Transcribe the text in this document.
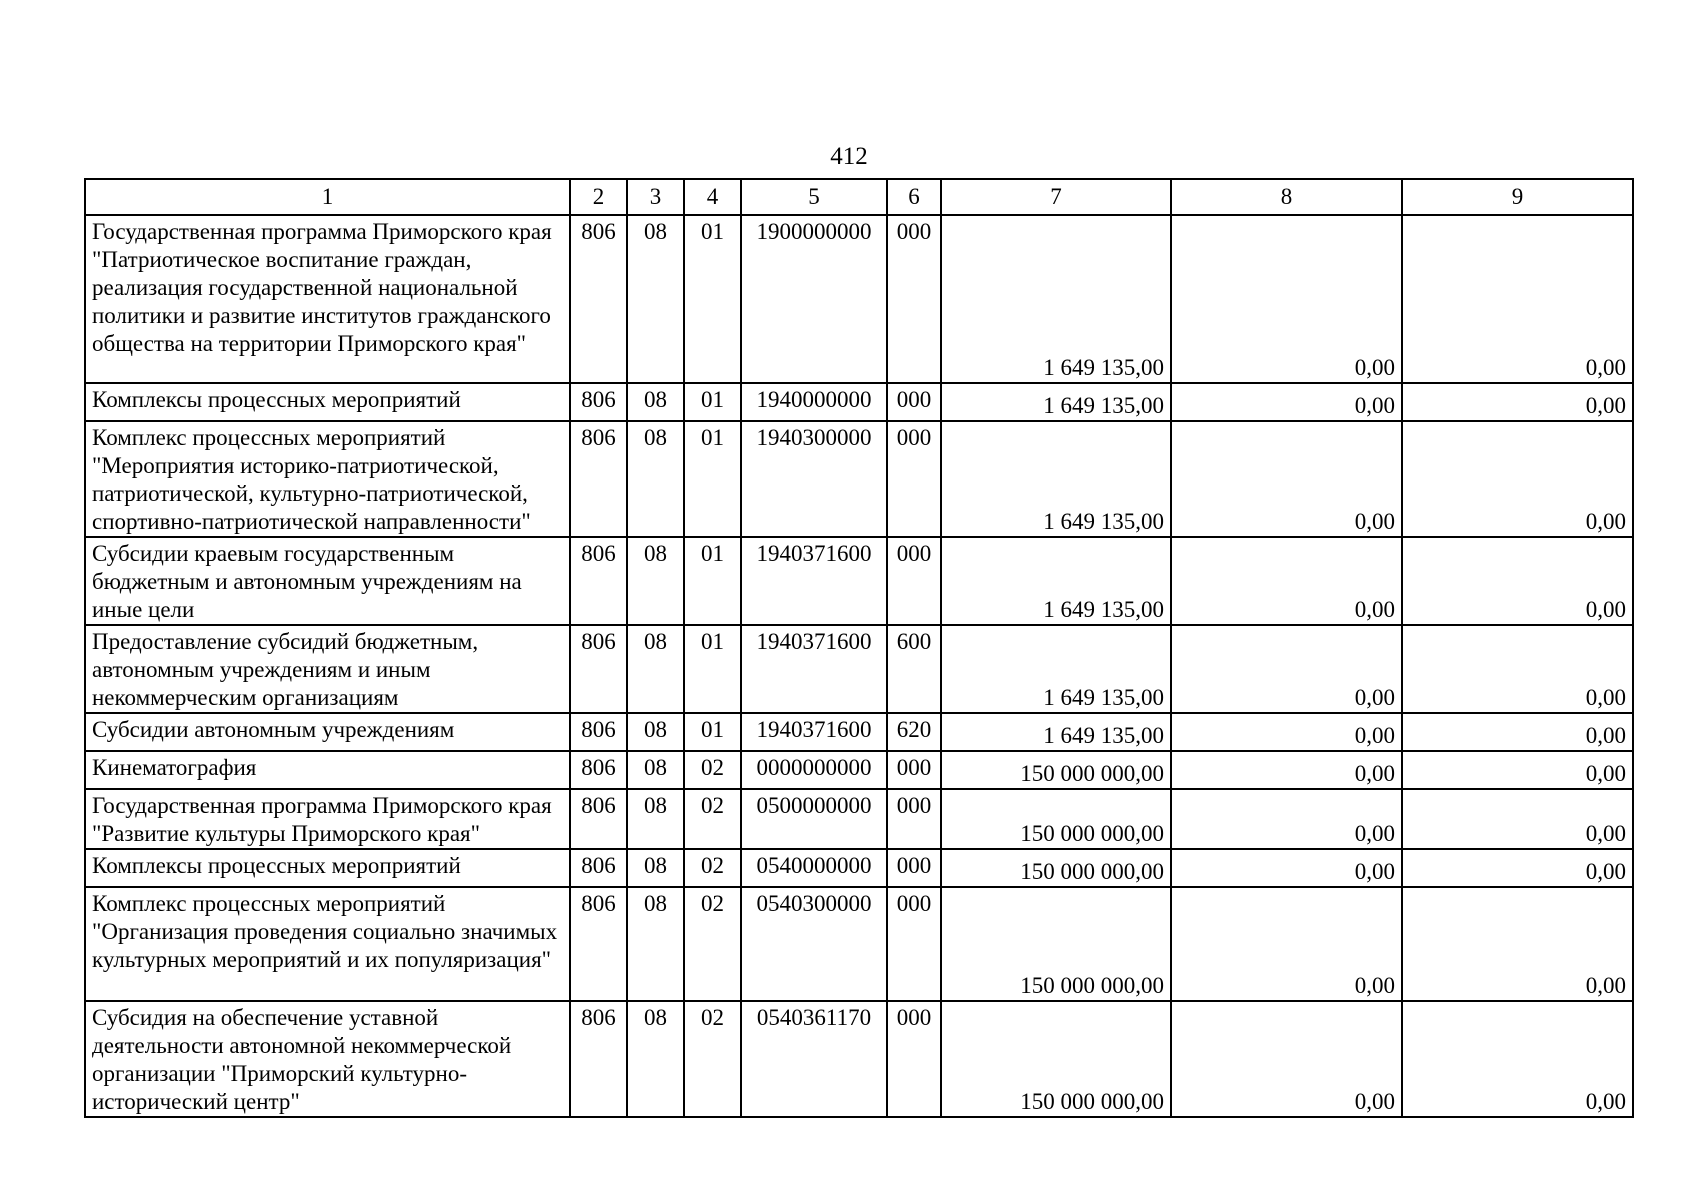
412
1	2	3	4	5	6	7	8	9
Государственная программа Приморского края "Патриотическое воспитание граждан, реализация государственной национальной политики и развитие институтов гражданского общества на территории Приморского края"	806	08	01	1900000000	000	1 649 135,00	0,00	0,00
Комплексы процессных мероприятий	806	08	01	1940000000	000	1 649 135,00	0,00	0,00
Комплекс процессных мероприятий "Мероприятия историко-патриотической, патриотической, культурно-патриотической, спортивно-патриотической направленности"	806	08	01	1940300000	000	1 649 135,00	0,00	0,00
Субсидии краевым государственным бюджетным и автономным учреждениям на иные цели	806	08	01	1940371600	000	1 649 135,00	0,00	0,00
Предоставление субсидий бюджетным, автономным учреждениям и иным некоммерческим организациям	806	08	01	1940371600	600	1 649 135,00	0,00	0,00
Субсидии автономным учреждениям	806	08	01	1940371600	620	1 649 135,00	0,00	0,00
Кинематография	806	08	02	0000000000	000	150 000 000,00	0,00	0,00
Государственная программа Приморского края "Развитие культуры Приморского края"	806	08	02	0500000000	000	150 000 000,00	0,00	0,00
Комплексы процессных мероприятий	806	08	02	0540000000	000	150 000 000,00	0,00	0,00
Комплекс процессных мероприятий "Организация проведения социально значимых культурных мероприятий и их популяризация"	806	08	02	0540300000	000	150 000 000,00	0,00	0,00
Субсидия на обеспечение уставной деятельности автономной некоммерческой организации "Приморский культурно-исторический центр"	806	08	02	0540361170	000	150 000 000,00	0,00	0,00
